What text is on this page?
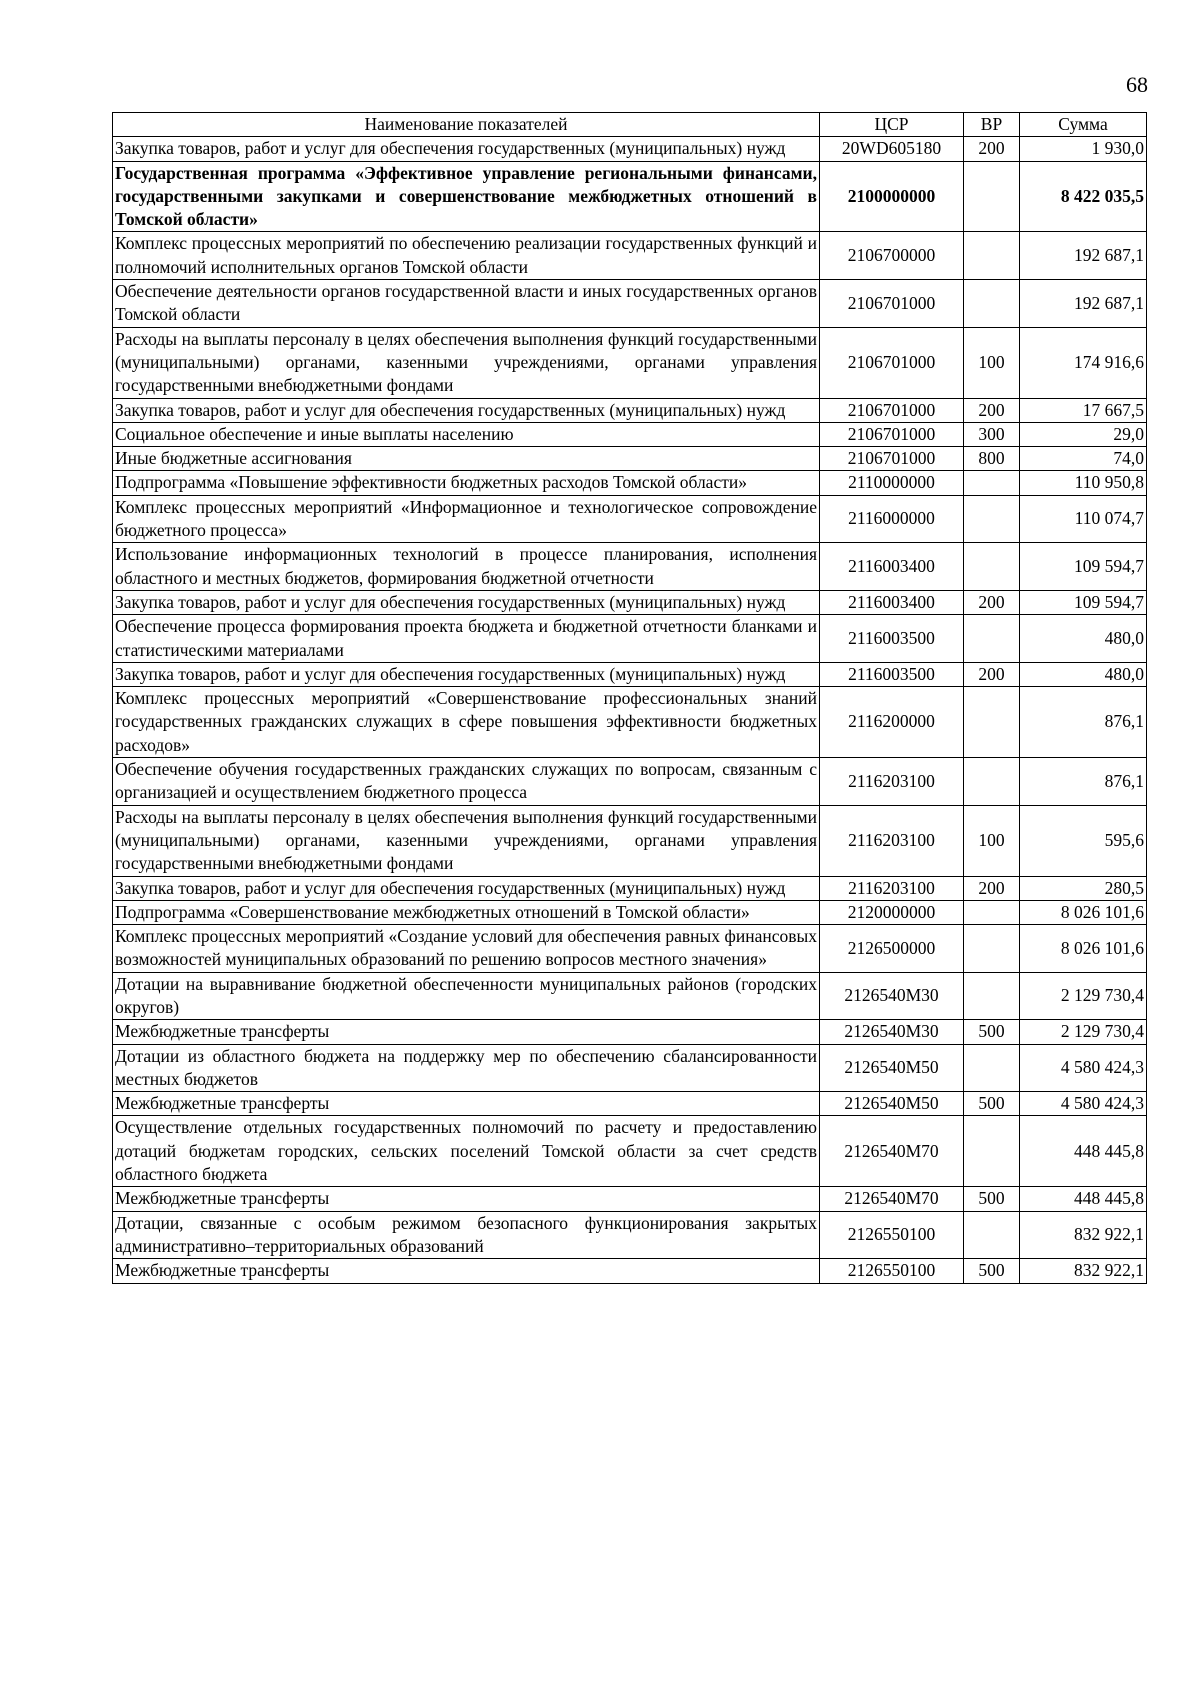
68
Наименование показателей	ЦСР	ВР	Сумма
Закупка товаров, работ и услуг для обеспечения государственных (муниципальных) нужд	20WD605180	200	1 930,0
Государственная программа «Эффективное управление региональными финансами, государственными закупками и совершенствование межбюджетных отношений в Томской области»	2100000000		8 422 035,5
Комплекс процессных мероприятий по обеспечению реализации государственных функций и полномочий исполнительных органов Томской области	2106700000		192 687,1
Обеспечение деятельности органов государственной власти и иных государственных органов Томской области	2106701000		192 687,1
Расходы на выплаты персоналу в целях обеспечения выполнения функций государственными (муниципальными) органами, казенными учреждениями, органами управления государственными внебюджетными фондами	2106701000	100	174 916,6
Закупка товаров, работ и услуг для обеспечения государственных (муниципальных) нужд	2106701000	200	17 667,5
Социальное обеспечение и иные выплаты населению	2106701000	300	29,0
Иные бюджетные ассигнования	2106701000	800	74,0
Подпрограмма «Повышение эффективности бюджетных расходов Томской области»	2110000000		110 950,8
Комплекс процессных мероприятий «Информационное и технологическое сопровождение бюджетного процесса»	2116000000		110 074,7
Использование информационных технологий в процессе планирования, исполнения областного и местных бюджетов, формирования бюджетной отчетности	2116003400		109 594,7
Закупка товаров, работ и услуг для обеспечения государственных (муниципальных) нужд	2116003400	200	109 594,7
Обеспечение процесса формирования проекта бюджета и бюджетной отчетности бланками и статистическими материалами	2116003500		480,0
Закупка товаров, работ и услуг для обеспечения государственных (муниципальных) нужд	2116003500	200	480,0
Комплекс процессных мероприятий «Совершенствование профессиональных знаний государственных гражданских служащих в сфере повышения эффективности бюджетных расходов»	2116200000		876,1
Обеспечение обучения государственных гражданских служащих по вопросам, связанным с организацией и осуществлением бюджетного процесса	2116203100		876,1
Расходы на выплаты персоналу в целях обеспечения выполнения функций государственными (муниципальными) органами, казенными учреждениями, органами управления государственными внебюджетными фондами	2116203100	100	595,6
Закупка товаров, работ и услуг для обеспечения государственных (муниципальных) нужд	2116203100	200	280,5
Подпрограмма «Совершенствование межбюджетных отношений в Томской области»	2120000000		8 026 101,6
Комплекс процессных мероприятий «Создание условий для обеспечения равных финансовых возможностей муниципальных образований по решению вопросов местного значения»	2126500000		8 026 101,6
Дотации на выравнивание бюджетной обеспеченности муниципальных районов (городских округов)	2126540М30		2 129 730,4
Межбюджетные трансферты	2126540М30	500	2 129 730,4
Дотации из областного бюджета на поддержку мер по обеспечению сбалансированности местных бюджетов	2126540М50		4 580 424,3
Межбюджетные трансферты	2126540М50	500	4 580 424,3
Осуществление отдельных государственных полномочий по расчету и предоставлению дотаций бюджетам городских, сельских поселений Томской области за счет средств областного бюджета	2126540М70		448 445,8
Межбюджетные трансферты	2126540М70	500	448 445,8
Дотации, связанные с особым режимом безопасного функционирования закрытых административно–территориальных образований	2126550100		832 922,1
Межбюджетные трансферты	2126550100	500	832 922,1
